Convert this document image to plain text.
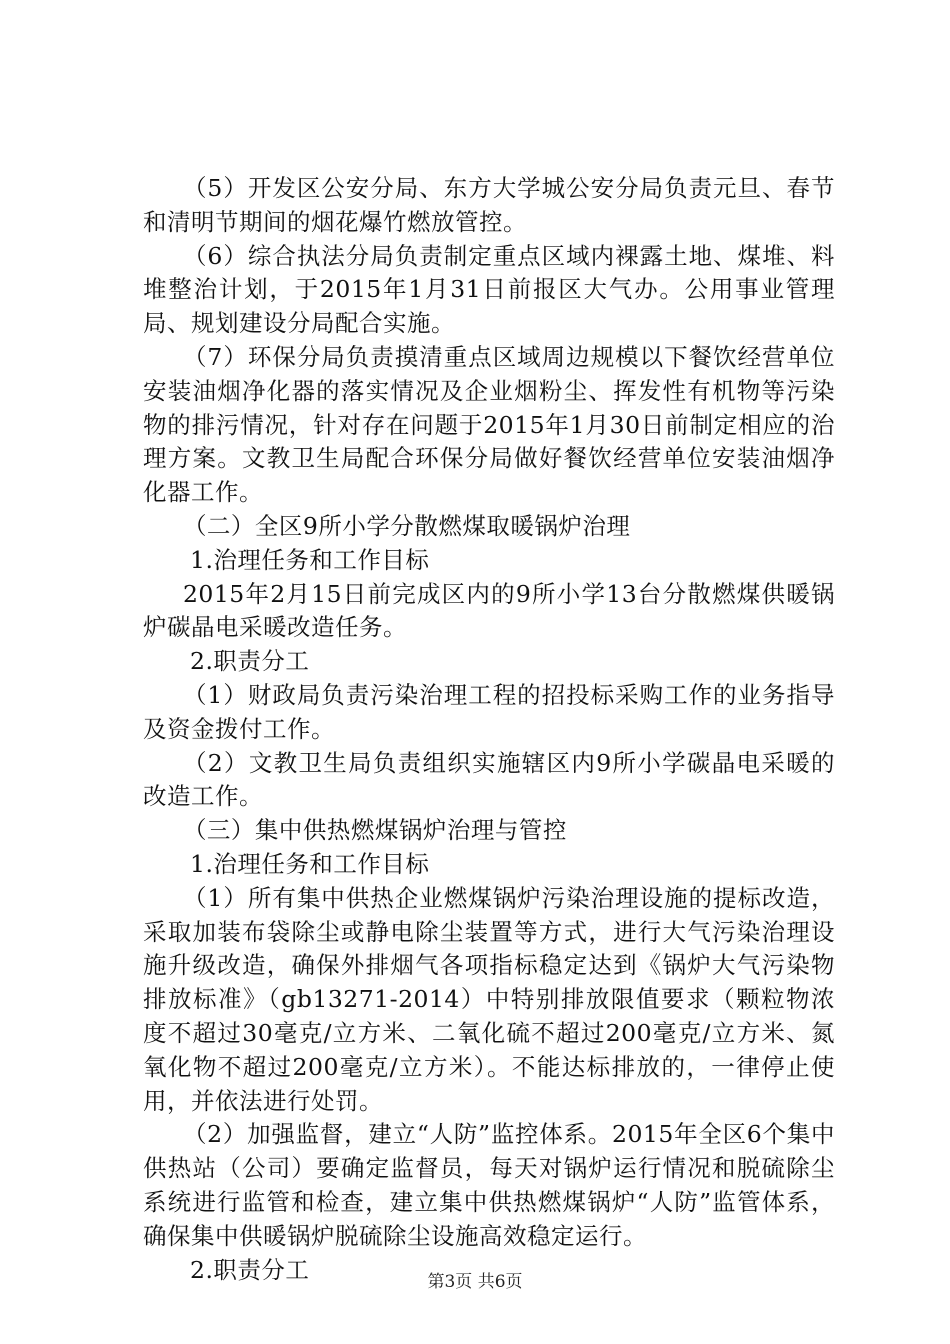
（5）开发区公安分局、东方大学城公安分局负责元旦、春节和清明节期间的烟花爆竹燃放管控。

（6）综合执法分局负责制定重点区域内裸露土地、煤堆、料堆整治计划，于2015年1月31日前报区大气办。公用事业管理局、规划建设分局配合实施。

（7）环保分局负责摸清重点区域周边规模以下餐饮经营单位安装油烟净化器的落实情况及企业烟粉尘、挥发性有机物等污染物的排污情况，针对存在问题于2015年1月30日前制定相应的治理方案。文教卫生局配合环保分局做好餐饮经营单位安装油烟净化器工作。

（二）全区9所小学分散燃煤取暖锅炉治理

1.治理任务和工作目标

2015年2月15日前完成区内的9所小学13台分散燃煤供暖锅炉碳晶电采暖改造任务。

2.职责分工

（1）财政局负责污染治理工程的招投标采购工作的业务指导及资金拨付工作。

（2）文教卫生局负责组织实施辖区内9所小学碳晶电采暖的改造工作。

（三）集中供热燃煤锅炉治理与管控

1.治理任务和工作目标

（1）所有集中供热企业燃煤锅炉污染治理设施的提标改造，采取加装布袋除尘或静电除尘装置等方式，进行大气污染治理设施升级改造，确保外排烟气各项指标稳定达到《锅炉大气污染物排放标准》（gb13271-2014）中特别排放限值要求（颗粒物浓度不超过30毫克/立方米、二氧化硫不超过200毫克/立方米、氮氧化物不超过200毫克/立方米）。不能达标排放的，一律停止使用，并依法进行处罚。

（2）加强监督，建立“人防”监控体系。2015年全区6个集中供热站（公司）要确定监督员，每天对锅炉运行情况和脱硫除尘系统进行监管和检查，建立集中供热燃煤锅炉“人防”监管体系，确保集中供暖锅炉脱硫除尘设施高效稳定运行。

2.职责分工	第3页 共6页
